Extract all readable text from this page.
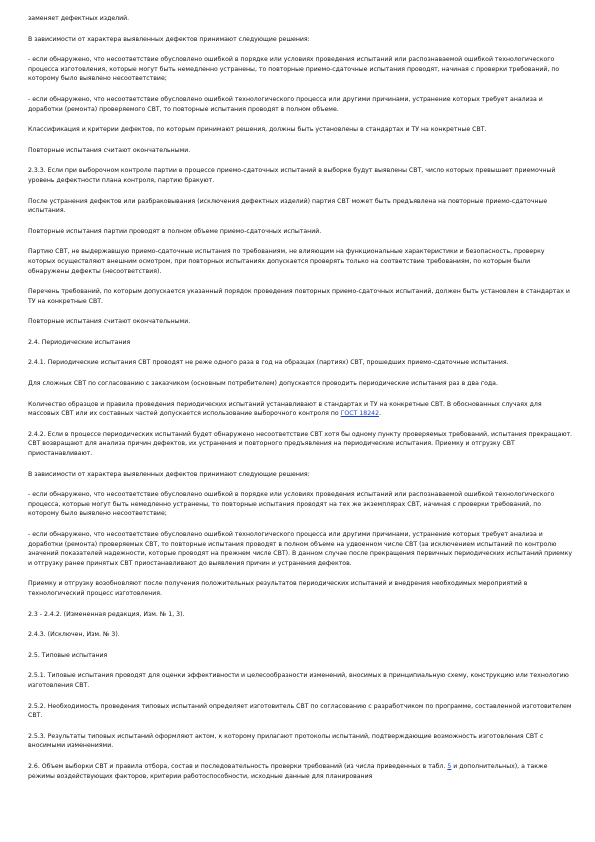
заменяет дефектных изделий.

В зависимости от характера выявленных дефектов принимают следующие решения:

- если обнаружено, что несоответствие обусловлено ошибкой в порядке или условиях проведения испытаний или распознаваемой ошибкой технологического процесса изготовления, которые могут быть немедленно устранены, то повторные приемо-сдаточные испытания проводят, начиная с проверки требований, по которому было выявлено несоответствие;

- если обнаружено, что несоответствие обусловлено ошибкой технологического процесса или другими причинами, устранение которых требует анализа и доработки (ремонта) проверяемого СВТ, то повторные испытания проводят в полном объеме.

Классификация и критерии дефектов, по которым принимают решения, должны быть установлены в стандартах и ТУ на конкретные СВТ.

Повторные испытания считают окончательными.

2.3.3. Если при выборочном контроле партии в процессе приемо-сдаточных испытаний в выборке будут выявлены СВТ, число которых превышает приемочный уровень дефектности плана контроля, партию бракуют.

После устранения дефектов или разбраковывания (исключения дефектных изделий) партия СВТ может быть предъявлена на повторные приемо-сдаточные испытания.

Повторные испытания партии проводят в полном объеме приемо-сдаточных испытаний.

Партию СВТ, не выдержавшую приемо-сдаточные испытания по требованиям, не влияющим на функциональные характеристики и безопасность, проверку которых осуществляют внешним осмотром, при повторных испытаниях допускается проверять только на соответствие требованиям, по которым были обнаружены дефекты (несоответствия).

Перечень требований, по которым допускается указанный порядок проведения повторных приемо-сдаточных испытаний, должен быть установлен в стандартах и ТУ на конкретные СВТ.

Повторные испытания считают окончательными.

2.4. Периодические испытания

2.4.1. Периодические испытания СВТ проводят не реже одного раза в год на образцах (партиях) СВТ, прошедших приемо-сдаточные испытания.

Для сложных СВТ по согласованию с заказчиком (основным потребителем) допускается проводить периодические испытания раз в два года.

Количество образцов и правила проведения периодических испытаний устанавливают в стандартах и ТУ на конкретные СВТ. В обоснованных случаях для массовых СВТ или их составных частей допускается использование выборочного контроля по ГОСТ 18242.

2.4.2. Если в процессе периодических испытаний будет обнаружено несоответствие СВТ хотя бы одному пункту проверяемых требований, испытания прекращают. СВТ возвращают для анализа причин дефектов, их устранения и повторного предъявления на периодические испытания. Приемку и отгрузку СВТ приостанавливают.

В зависимости от характера выявленных дефектов принимают следующие решения:

- если обнаружено, что несоответствие обусловлено ошибкой в порядке или условиях проведения испытаний или распознаваемой ошибкой технологического процесса, которые могут быть немедленно устранены, то повторные испытания проводят на тех же экземплярах СВТ, начиная с проверки требований, по которому было выявлено несоответствие;

- если обнаружено, что несоответствие обусловлено ошибкой технологического процесса или другими причинами, устранение которых требует анализа и доработки (ремонта) проверяемых СВТ, то повторные испытания проводят в полном объеме на удвоенном числе СВТ (за исключением испытаний по контролю значений показателей надежности, которые проводят на прежнем числе СВТ). В данном случае после прекращения первичных периодических испытаний приемку и отгрузку ранее принятых СВТ приостанавливают до выявления причин и устранения дефектов.

Приемку и отгрузку возобновляют после получения положительных результатов периодических испытаний и внедрения необходимых мероприятий в технологический процесс изготовления.

2.3 - 2.4.2. (Измененная редакция, Изм. № 1, 3).

2.4.3. (Исключен, Изм. № 3).

2.5. Типовые испытания

2.5.1. Типовые испытания проводят для оценки эффективности и целесообразности изменений, вносимых в принципиальную схему, конструкцию или технологию изготовления СВТ.

2.5.2. Необходимость проведения типовых испытаний определяет изготовитель СВТ по согласованию с разработчиком по программе, составленной изготовителем СВТ.

2.5.3. Результаты типовых испытаний оформляют актом, к которому прилагают протоколы испытаний, подтверждающие возможность изготовления СВТ с вносимыми изменениями.

2.6. Объем выборки СВТ и правила отбора, состав и последовательность проверки требований (из числа приведенных в табл. 5 и дополнительных), а также режимы воздействующих факторов, критерии работоспособности, исходные данные для планирования
